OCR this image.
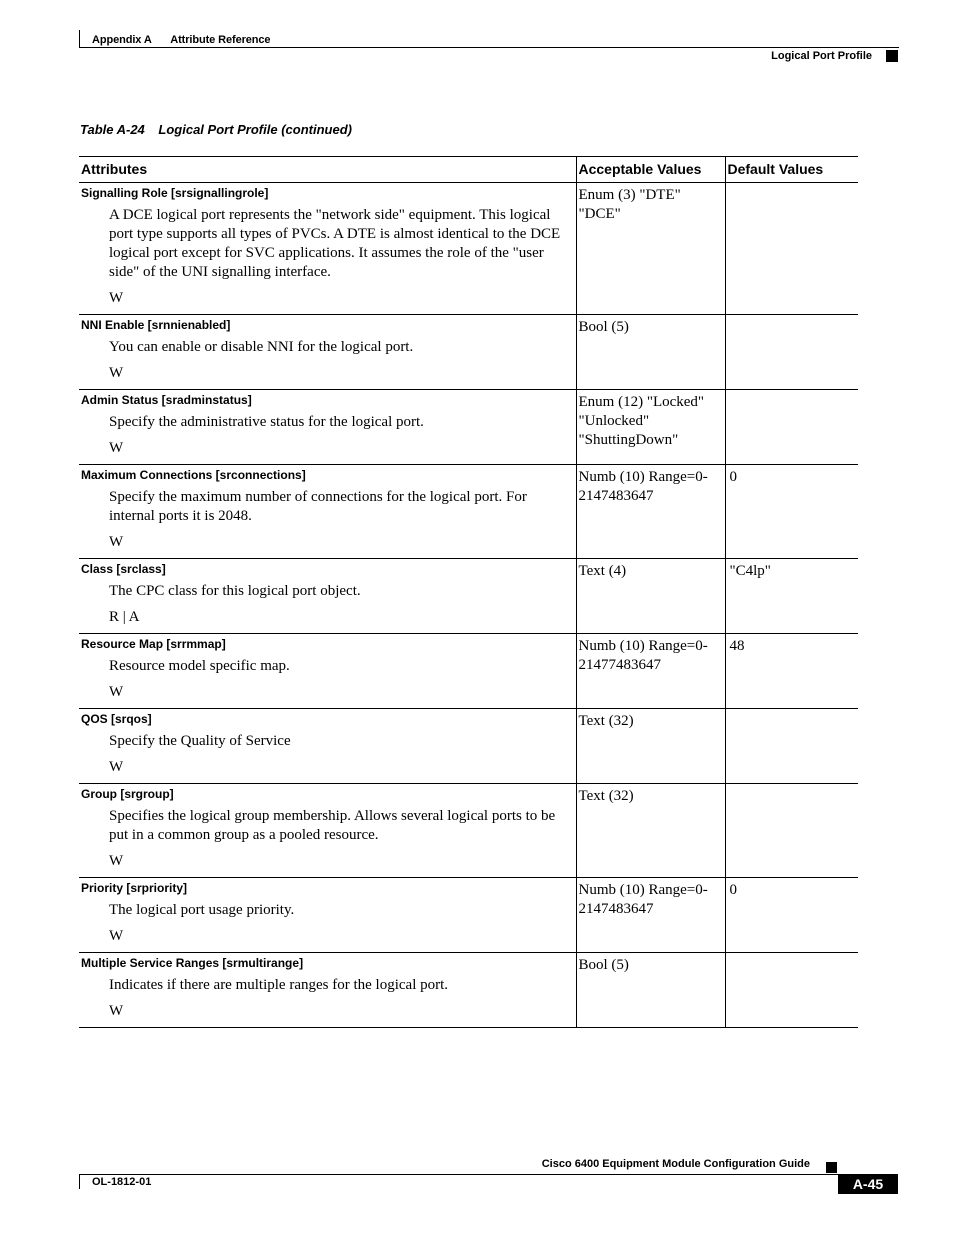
Appendix A Attribute Reference
Logical Port Profile
Table A-24 Logical Port Profile (continued)
Attributes	Acceptable Values	Default Values

Signalling Role [srsignallingrole]
A DCE logical port represents the "network side" equipment. This logical port type supports all types of PVCs. A DTE is almost identical to the DCE logical port except for SVC applications. It assumes the role of the "user side" of the UNI signalling interface.
W	Enum (3) "DTE" "DCE"	

NNI Enable [srnnienabled]
You can enable or disable NNI for the logical port.
W	Bool (5)	

Admin Status [sradminstatus]
Specify the administrative status for the logical port.
W	Enum (12) "Locked" "Unlocked" "ShuttingDown"	

Maximum Connections [srconnections]
Specify the maximum number of connections for the logical port. For internal ports it is 2048.
W	Numb (10) Range=0-2147483647	0

Class [srclass]
The CPC class for this logical port object.
R | A	Text (4)	"C4lp"

Resource Map [srrmmap]
Resource model specific map.
W	Numb (10) Range=0-21477483647	48

QOS [srqos]
Specify the Quality of Service
W	Text (32)	

Group [srgroup]
Specifies the logical group membership. Allows several logical ports to be put in a common group as a pooled resource.
W	Text (32)	

Priority [srpriority]
The logical port usage priority.
W	Numb (10) Range=0-2147483647	0

Multiple Service Ranges [srmultirange]
Indicates if there are multiple ranges for the logical port.
W	Bool (5)	
Cisco 6400 Equipment Module Configuration Guide
OL-1812-01	A-45
